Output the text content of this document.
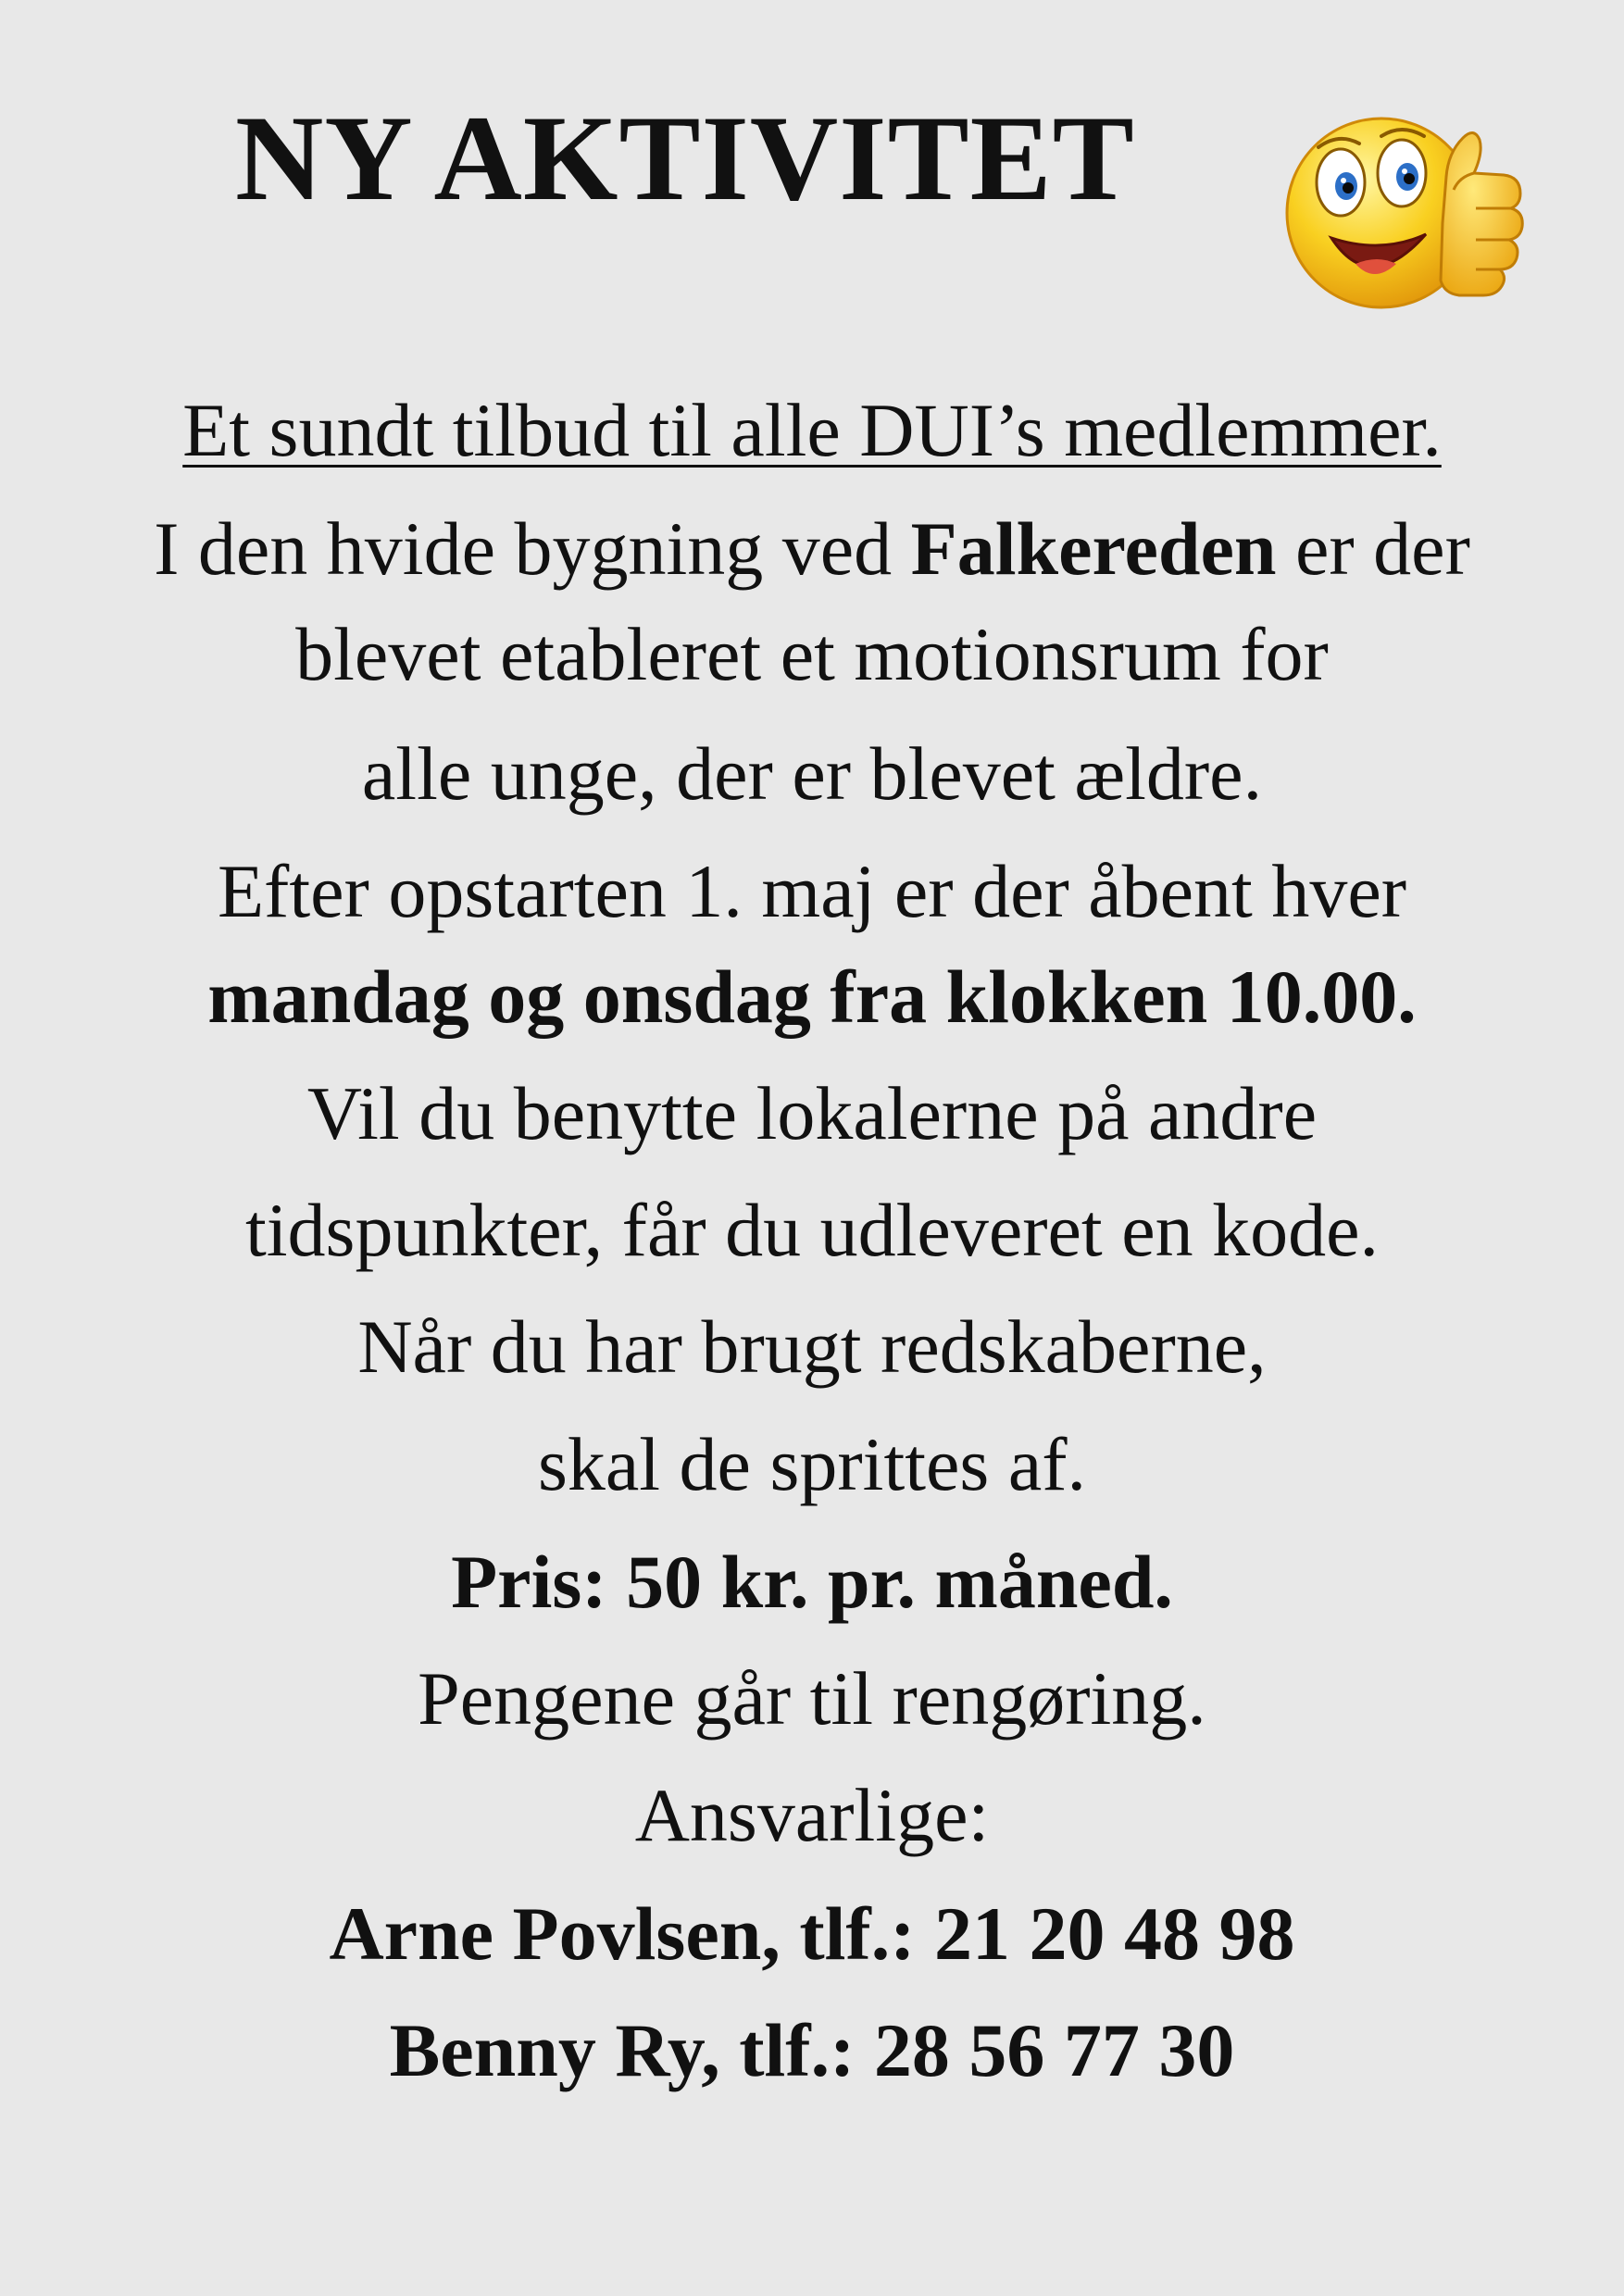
NY AKTIVITET

Et sundt tilbud til alle DUI’s medlemmer.

I den hvide bygning ved Falkereden er der

blevet etableret et motionsrum for

alle unge, der er blevet ældre.

Efter opstarten 1. maj er der åbent hver

mandag og onsdag fra klokken 10.00.

Vil du benytte lokalerne på andre

tidspunkter, får du udleveret en kode.

Når du har brugt redskaberne,

skal de sprittes af.

Pris: 50 kr. pr. måned.

Pengene går til rengøring.

Ansvarlige:

Arne Povlsen, tlf.: 21 20 48 98

Benny Ry, tlf.: 28 56 77 30
